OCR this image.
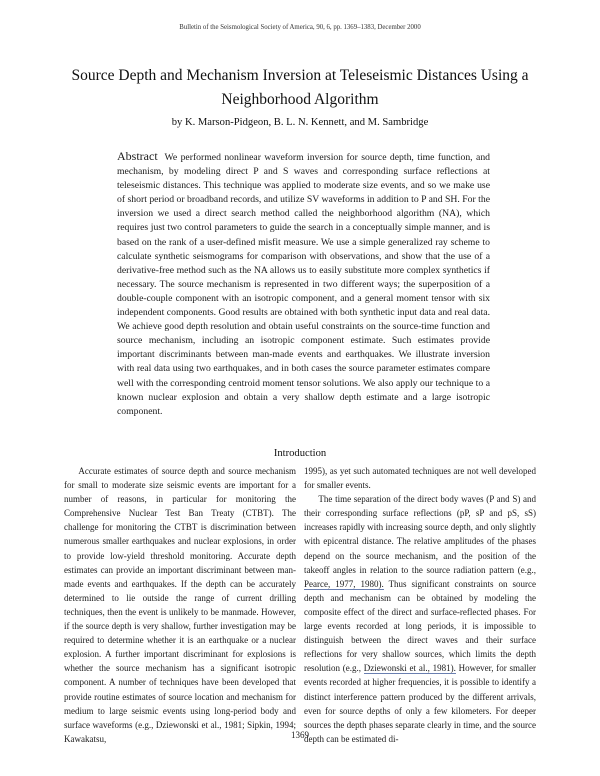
Bulletin of the Seismological Society of America, 90, 6, pp. 1369–1383, December 2000
Source Depth and Mechanism Inversion at Teleseismic Distances Using a Neighborhood Algorithm
by K. Marson-Pidgeon, B. L. N. Kennett, and M. Sambridge
Abstract We performed nonlinear waveform inversion for source depth, time function, and mechanism, by modeling direct P and S waves and corresponding surface reflections at teleseismic distances. This technique was applied to moderate size events, and so we make use of short period or broadband records, and utilize SV waveforms in addition to P and SH. For the inversion we used a direct search method called the neighborhood algorithm (NA), which requires just two control parameters to guide the search in a conceptually simple manner, and is based on the rank of a user-defined misfit measure. We use a simple generalized ray scheme to calculate synthetic seismograms for comparison with observations, and show that the use of a derivative-free method such as the NA allows us to easily substitute more complex synthetics if necessary. The source mechanism is represented in two different ways; the superposition of a double-couple component with an isotropic component, and a general moment tensor with six independent components. Good results are obtained with both synthetic input data and real data. We achieve good depth resolution and obtain useful constraints on the source-time function and source mechanism, including an isotropic component estimate. Such estimates provide important discriminants between man-made events and earthquakes. We illustrate inversion with real data using two earthquakes, and in both cases the source parameter estimates compare well with the corresponding centroid moment tensor solutions. We also apply our technique to a known nuclear explosion and obtain a very shallow depth estimate and a large isotropic component.
Introduction

Accurate estimates of source depth and source mechanism for small to moderate size seismic events are important for a number of reasons, in particular for monitoring the Comprehensive Nuclear Test Ban Treaty (CTBT). The challenge for monitoring the CTBT is discrimination between numerous smaller earthquakes and nuclear explosions, in order to provide low-yield threshold monitoring. Accurate depth estimates can provide an important discriminant between man-made events and earthquakes. If the depth can be accurately determined to lie outside the range of current drilling techniques, then the event is unlikely to be manmade. However, if the source depth is very shallow, further investigation may be required to determine whether it is an earthquake or a nuclear explosion. A further important discriminant for explosions is whether the source mechanism has a significant isotropic component. A number of techniques have been developed that provide routine estimates of source location and mechanism for medium to large seismic events using long-period body and surface waveforms (e.g., Dziewonski et al., 1981; Sipkin, 1994; Kawakatsu,

1995), as yet such automated techniques are not well developed for smaller events.

The time separation of the direct body waves (P and S) and their corresponding surface reflections (pP, sP and pS, sS) increases rapidly with increasing source depth, and only slightly with epicentral distance. The relative amplitudes of the phases depend on the source mechanism, and the position of the takeoff angles in relation to the source radiation pattern (e.g., Pearce, 1977, 1980). Thus significant constraints on source depth and mechanism can be obtained by modeling the composite effect of the direct and surface-reflected phases. For large events recorded at long periods, it is impossible to distinguish between the direct waves and their surface reflections for very shallow sources, which limits the depth resolution (e.g., Dziewonski et al., 1981). However, for smaller events recorded at higher frequencies, it is possible to identify a distinct interference pattern produced by the different arrivals, even for source depths of only a few kilometers. For deeper sources the depth phases separate clearly in time, and the source depth can be estimated di-

1369
